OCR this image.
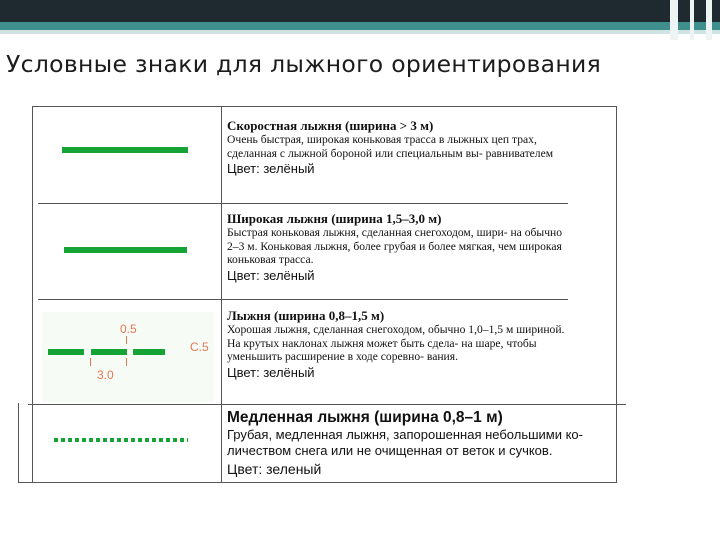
Условные знаки для лыжного ориентирования
Скоростная лыжня (ширина > 3 м)
Очень быстрая, широкая коньковая трасса в лыжных цеп трах, сделанная с лыжной бороной или специальным вы- равнивателем
Цвет: зелёный
Широкая лыжня (ширина 1,5–3,0 м)
Быстрая коньковая лыжня, сделанная снегоходом, шири- на обычно 2–3 м. Коньковая лыжня, более грубая и более мягкая, чем широкая коньковая трасса.
Цвет: зелёный
0.5
C.5
3.0
Лыжня (ширина 0,8–1,5 м)
Хорошая лыжня, сделанная снегоходом, обычно 1,0–1,5 м шириной. На крутых наклонах лыжня может быть сдела- на шаре, чтобы уменьшить расширение в ходе соревно- вания.
Цвет: зелёный
Медленная лыжня (ширина 0,8–1 м)
Грубая, медленная лыжня, запорошенная небольшими ко- личеством снега или не очищенная от веток и сучков.
Цвет: зеленый
